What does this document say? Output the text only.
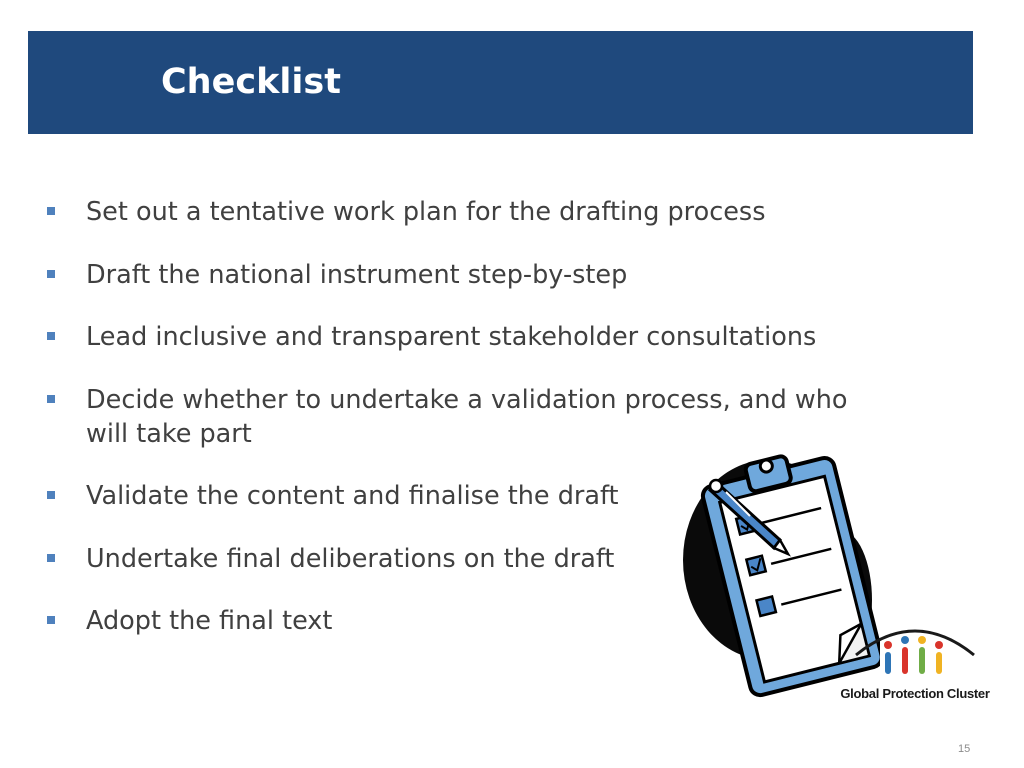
Checklist
Set out a tentative work plan for the drafting process
Draft the national instrument step-by-step
Lead inclusive and transparent stakeholder consultations
Decide whether to undertake a validation process, and who will take part
Validate the content and finalise the draft
Undertake final deliberations on the draft
Adopt the final text
Global Protection Cluster
15
